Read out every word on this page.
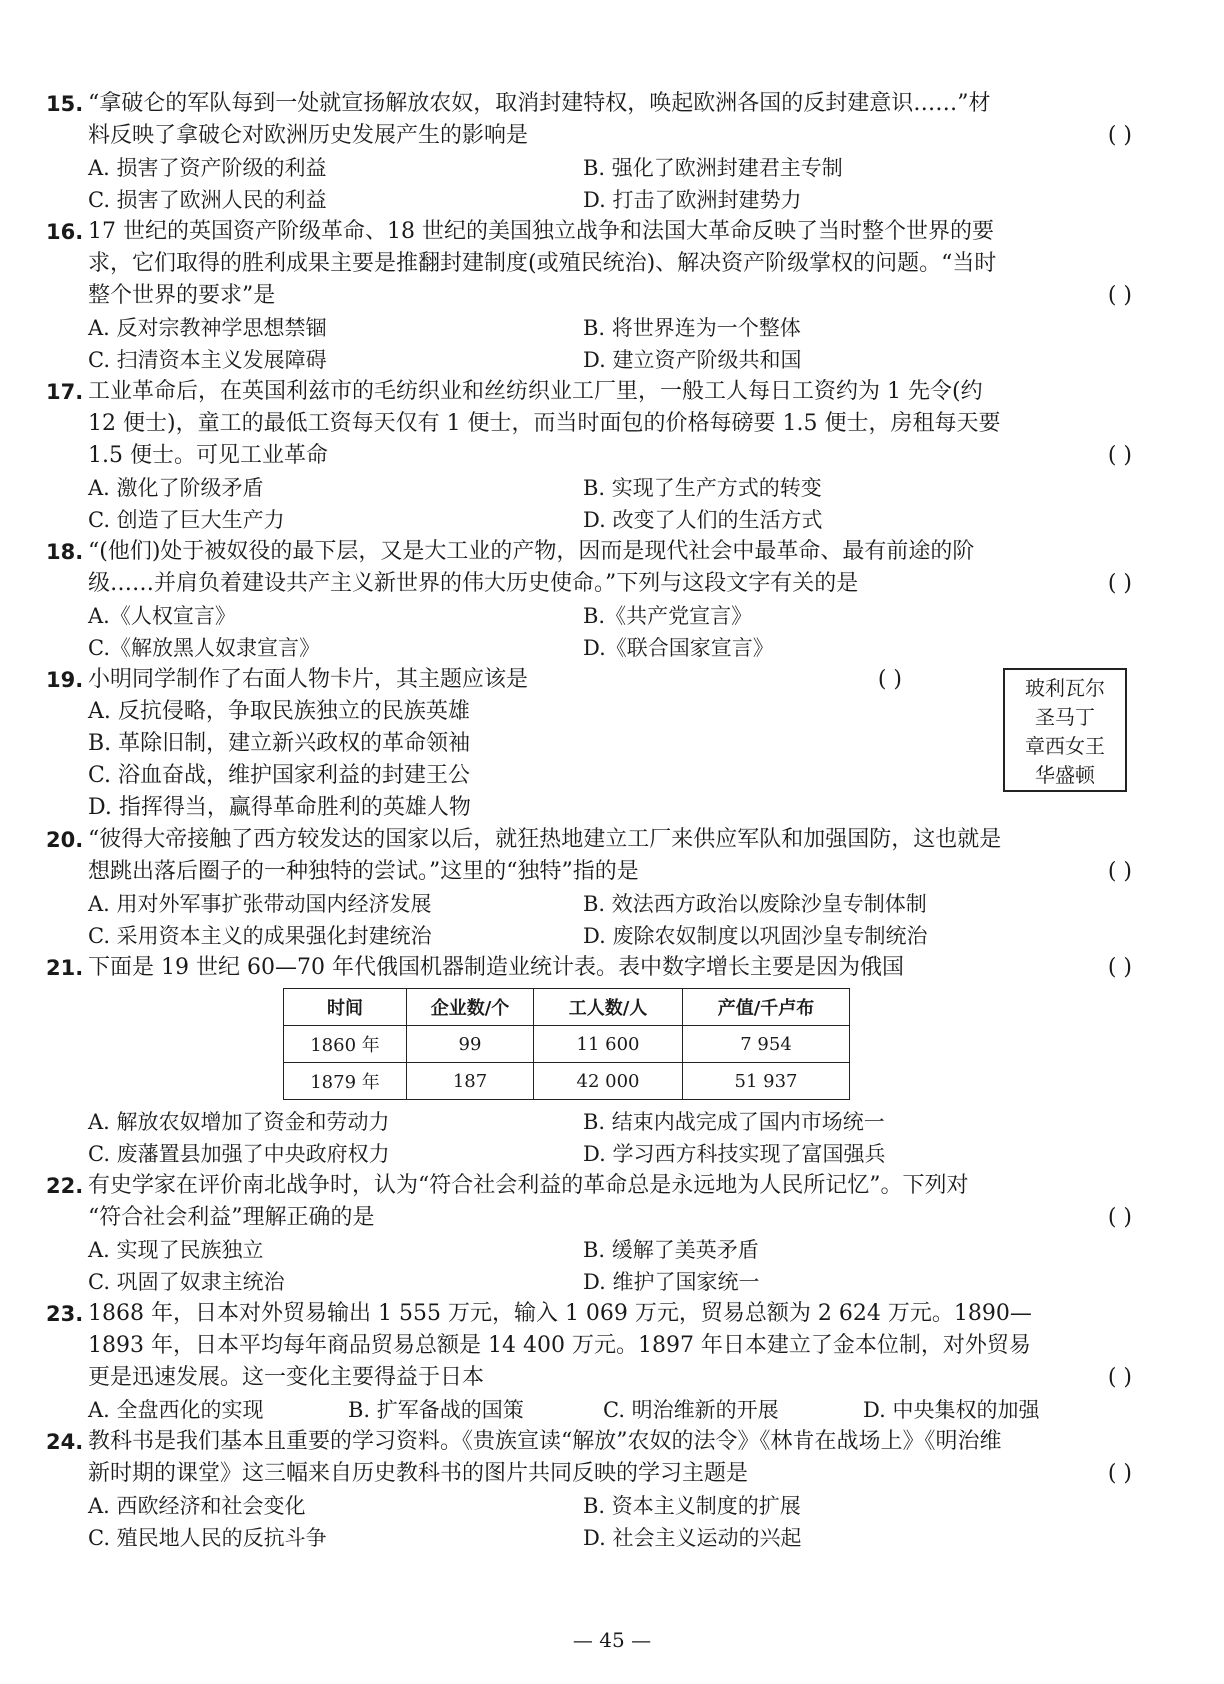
15. “拿破仑的军队每到一处就宣扬解放农奴，取消封建特权，唤起欧洲各国的反封建意识……”材
料反映了拿破仑对欧洲历史发展产生的影响是	( )
A. 损害了资产阶级的利益	B. 强化了欧洲封建君主专制
C. 损害了欧洲人民的利益	D. 打击了欧洲封建势力
16. 17 世纪的英国资产阶级革命、18 世纪的美国独立战争和法国大革命反映了当时整个世界的要
求，它们取得的胜利成果主要是推翻封建制度(或殖民统治)、解决资产阶级掌权的问题。“当时
整个世界的要求”是	( )
A. 反对宗教神学思想禁锢	B. 将世界连为一个整体
C. 扫清资本主义发展障碍	D. 建立资产阶级共和国
17. 工业革命后，在英国利兹市的毛纺织业和丝纺织业工厂里，一般工人每日工资约为 1 先令(约
12 便士)，童工的最低工资每天仅有 1 便士，而当时面包的价格每磅要 1.5 便士，房租每天要
1.5 便士。可见工业革命	( )
A. 激化了阶级矛盾	B. 实现了生产方式的转变
C. 创造了巨大生产力	D. 改变了人们的生活方式
18. “(他们)处于被奴役的最下层，又是大工业的产物，因而是现代社会中最革命、最有前途的阶
级……并肩负着建设共产主义新世界的伟大历史使命。”下列与这段文字有关的是	( )
A.《人权宣言》	B.《共产党宣言》
C.《解放黑人奴隶宣言》	D.《联合国家宣言》
19. 小明同学制作了右面人物卡片，其主题应该是	( )
A. 反抗侵略，争取民族独立的民族英雄
B. 革除旧制，建立新兴政权的革命领袖
C. 浴血奋战，维护国家利益的封建王公
D. 指挥得当，赢得革命胜利的英雄人物
玻利瓦尔
圣马丁
章西女王
华盛顿
20. “彼得大帝接触了西方较发达的国家以后，就狂热地建立工厂来供应军队和加强国防，这也就是
想跳出落后圈子的一种独特的尝试。”这里的“独特”指的是	( )
A. 用对外军事扩张带动国内经济发展	B. 效法西方政治以废除沙皇专制体制
C. 采用资本主义的成果强化封建统治	D. 废除农奴制度以巩固沙皇专制统治
21. 下面是 19 世纪 60—70 年代俄国机器制造业统计表。表中数字增长主要是因为俄国	( )
时间	企业数/个	工人数/人	产值/千卢布
1860 年	99	11 600	7 954
1879 年	187	42 000	51 937
A. 解放农奴增加了资金和劳动力	B. 结束内战完成了国内市场统一
C. 废藩置县加强了中央政府权力	D. 学习西方科技实现了富国强兵
22. 有史学家在评价南北战争时，认为“符合社会利益的革命总是永远地为人民所记忆”。下列对
“符合社会利益”理解正确的是	( )
A. 实现了民族独立	B. 缓解了美英矛盾
C. 巩固了奴隶主统治	D. 维护了国家统一
23. 1868 年，日本对外贸易输出 1 555 万元，输入 1 069 万元，贸易总额为 2 624 万元。1890—
1893 年，日本平均每年商品贸易总额是 14 400 万元。1897 年日本建立了金本位制，对外贸易
更是迅速发展。这一变化主要得益于日本	( )
A. 全盘西化的实现	B. 扩军备战的国策	C. 明治维新的开展	D. 中央集权的加强
24. 教科书是我们基本且重要的学习资料。《贵族宣读“解放”农奴的法令》《林肯在战场上》《明治维
新时期的课堂》这三幅来自历史教科书的图片共同反映的学习主题是	( )
A. 西欧经济和社会变化	B. 资本主义制度的扩展
C. 殖民地人民的反抗斗争	D. 社会主义运动的兴起
— 45 —
